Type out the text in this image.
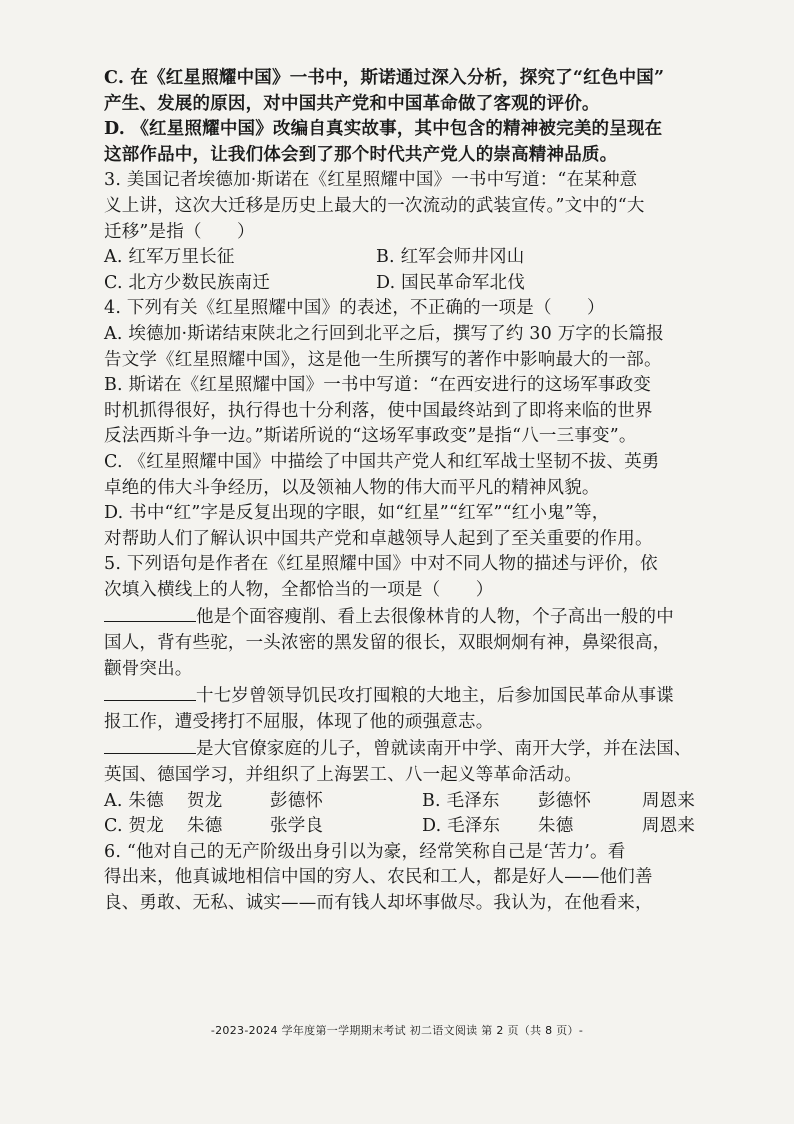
C. 在《红星照耀中国》一书中，斯诺通过深入分析，探究了“红色中国”
产生、发展的原因，对中国共产党和中国革命做了客观的评价。
D. 《红星照耀中国》改编自真实故事，其中包含的精神被完美的呈现在
这部作品中，让我们体会到了那个时代共产党人的崇高精神品质。
3. 美国记者埃德加·斯诺在《红星照耀中国》一书中写道：“在某种意
义上讲，这次大迁移是历史上最大的一次流动的武装宣传。”文中的“大
迁移”是指（　　）
A. 红军万里长征	B. 红军会师井冈山
C. 北方少数民族南迁	D. 国民革命军北伐
4. 下列有关《红星照耀中国》的表述，不正确的一项是（　　）
A. 埃德加·斯诺结束陕北之行回到北平之后，撰写了约 30 万字的长篇报
告文学《红星照耀中国》，这是他一生所撰写的著作中影响最大的一部。
B. 斯诺在《红星照耀中国》一书中写道：“在西安进行的这场军事政变
时机抓得很好，执行得也十分利落，使中国最终站到了即将来临的世界
反法西斯斗争一边。”斯诺所说的“这场军事政变”是指“八一三事变”。
C. 《红星照耀中国》中描绘了中国共产党人和红军战士坚韧不拔、英勇
卓绝的伟大斗争经历，以及领袖人物的伟大而平凡的精神风貌。
D. 书中“红”字是反复出现的字眼，如“红星”“红军”“红小鬼”等，
对帮助人们了解认识中国共产党和卓越领导人起到了至关重要的作用。
5. 下列语句是作者在《红星照耀中国》中对不同人物的描述与评价，依
次填入横线上的人物，全都恰当的一项是（　　）
他是个面容瘦削、看上去很像林肯的人物，个子高出一般的中
国人，背有些驼，一头浓密的黑发留的很长，双眼炯炯有神，鼻梁很高，
颧骨突出。
十七岁曾领导饥民攻打囤粮的大地主，后参加国民革命从事谍
报工作，遭受拷打不屈服，体现了他的顽强意志。
是大官僚家庭的儿子，曾就读南开中学、南开大学，并在法国、
英国、德国学习，并组织了上海罢工、八一起义等革命活动。
A. 朱德	贺龙	彭德怀	B. 毛泽东	彭德怀	周恩来
C. 贺龙	朱德	张学良	D. 毛泽东	朱德	周恩来
6. “他对自己的无产阶级出身引以为豪，经常笑称自己是‘苦力’。看
得出来，他真诚地相信中国的穷人、农民和工人，都是好人——他们善
良、勇敢、无私、诚实——而有钱人却坏事做尽。我认为，在他看来，
-2023-2024 学年度第一学期期末考试 初二语文阅读 第 2 页（共 8 页）-
